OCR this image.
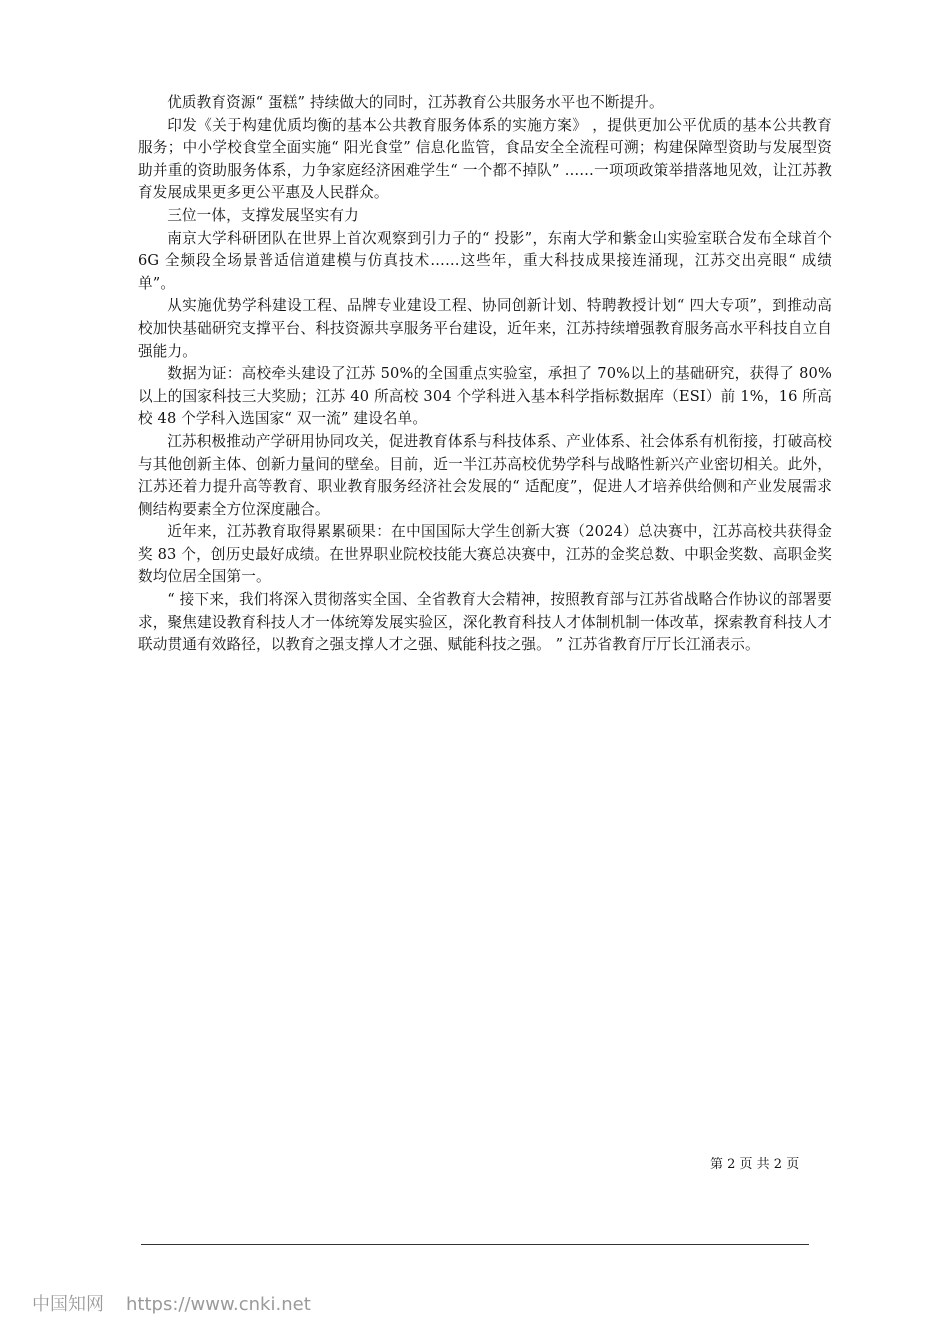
优质教育资源“ 蛋糕” 持续做大的同时，江苏教育公共服务水平也不断提升。

印发《关于构建优质均衡的基本公共教育服务体系的实施方案》 ，提供更加公平优质的基本公共教育服务；中小学校食堂全面实施“ 阳光食堂” 信息化监管，食品安全全流程可溯；构建保障型资助与发展型资助并重的资助服务体系，力争家庭经济困难学生“ 一个都不掉队” ……一项项政策举措落地见效，让江苏教育发展成果更多更公平惠及人民群众。

三位一体，支撑发展坚实有力

南京大学科研团队在世界上首次观察到引力子的“ 投影”，东南大学和紫金山实验室联合发布全球首个 6G 全频段全场景普适信道建模与仿真技术……这些年，重大科技成果接连涌现，江苏交出亮眼“ 成绩单”。

从实施优势学科建设工程、品牌专业建设工程、协同创新计划、特聘教授计划“ 四大专项”，到推动高校加快基础研究支撑平台、科技资源共享服务平台建设，近年来，江苏持续增强教育服务高水平科技自立自强能力。

数据为证：高校牵头建设了江苏 50%的全国重点实验室，承担了 70%以上的基础研究，获得了 80%以上的国家科技三大奖励；江苏 40 所高校 304 个学科进入基本科学指标数据库（ESI）前 1%，16 所高校 48 个学科入选国家“ 双一流” 建设名单。

江苏积极推动产学研用协同攻关，促进教育体系与科技体系、产业体系、社会体系有机衔接，打破高校与其他创新主体、创新力量间的壁垒。目前，近一半江苏高校优势学科与战略性新兴产业密切相关。此外，江苏还着力提升高等教育、职业教育服务经济社会发展的“ 适配度”，促进人才培养供给侧和产业发展需求侧结构要素全方位深度融合。

近年来，江苏教育取得累累硕果：在中国国际大学生创新大赛（2024）总决赛中，江苏高校共获得金奖 83 个，创历史最好成绩。在世界职业院校技能大赛总决赛中，江苏的金奖总数、中职金奖数、高职金奖数均位居全国第一。

“ 接下来，我们将深入贯彻落实全国、全省教育大会精神，按照教育部与江苏省战略合作协议的部署要求，聚焦建设教育科技人才一体统筹发展实验区，深化教育科技人才体制机制一体改革，探索教育科技人才联动贯通有效路径，以教育之强支撑人才之强、赋能科技之强。 ” 江苏省教育厅厅长江涌表示。

第 2 页 共 2 页
中国知网 https://www.cnki.net
